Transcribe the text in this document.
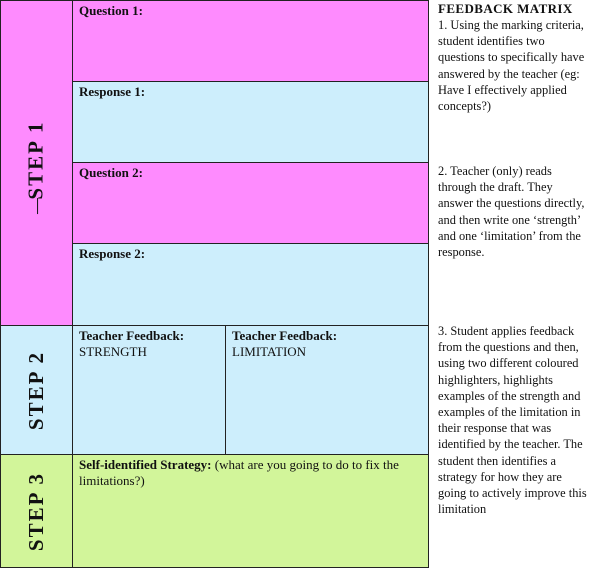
STEP 1
Question 1:
Response 1:
Question 2:
Response 2:
STEP 2
Teacher Feedback:
STRENGTH
Teacher Feedback:
LIMITATION
STEP 3
Self-identified Strategy: (what are you going to do to fix the limitations?)
FEEDBACK MATRIX
1. Using the marking criteria, student identifies two questions to specifically have answered by the teacher (eg: Have I effectively applied concepts?)
2. Teacher (only) reads through the draft. They answer the questions directly, and then write one ‘strength’ and one ‘limitation’ from the response.
3. Student applies feedback from the questions and then, using two different coloured highlighters, highlights examples of the strength and examples of the limitation in their response that was identified by the teacher. The student then identifies a strategy for how they are going to actively improve this limitation
